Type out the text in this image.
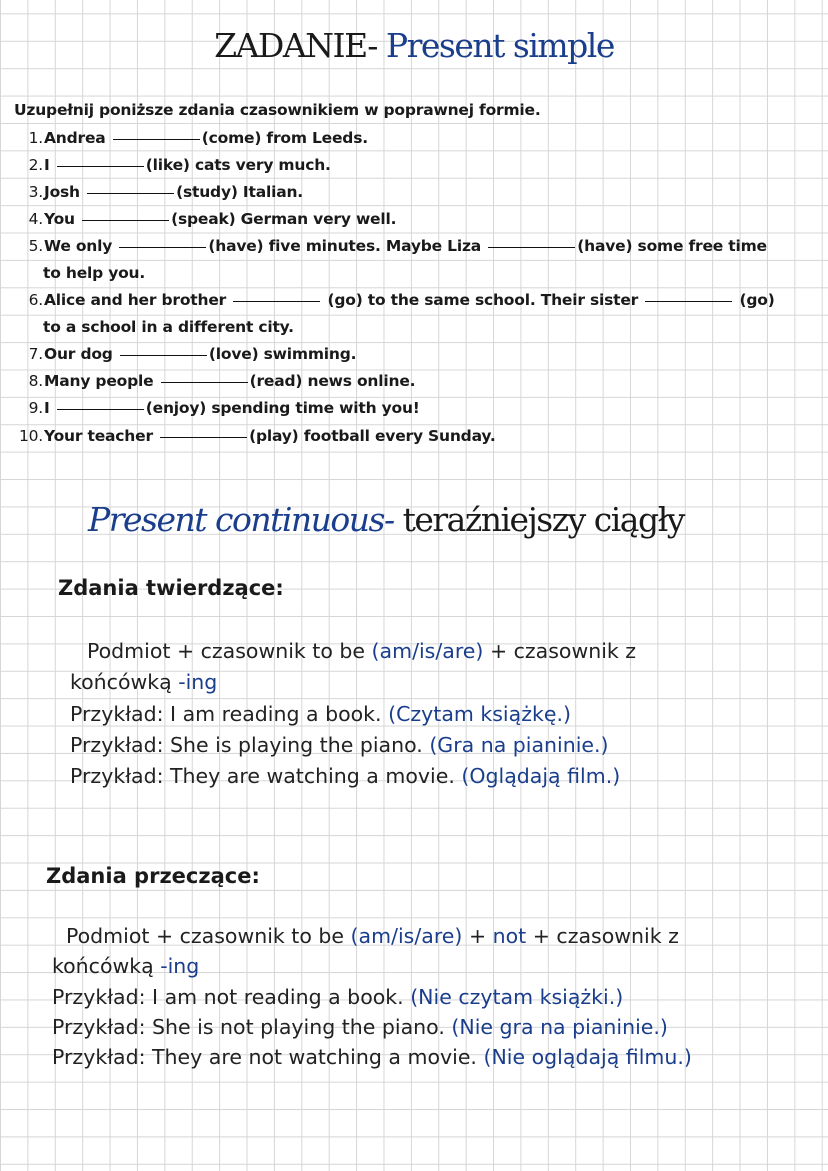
ZADANIE- Present simple
Uzupełnij poniższe zdania czasownikiem w poprawnej formie.
1.Andrea	(come) from Leeds.
2.I	(like) cats very much.
3.Josh	(study) Italian.
4.You	(speak) German very well.
5.We only	(have) five minutes. Maybe Liza	(have) some free time
to help you.
6.Alice and her brother	(go) to the same school. Their sister	(go)
to a school in a different city.
7.Our dog	(love) swimming.
8.Many people	(read) news online.
9.I	(enjoy) spending time with you!
10.Your teacher	(play) football every Sunday.
Present continuous- teraźniejszy ciągły
Zdania twierdzące:
Podmiot + czasownik to be (am/is/are) + czasownik z
końcówką -ing
Przykład: I am reading a book. (Czytam książkę.)
Przykład: She is playing the piano. (Gra na pianinie.)
Przykład: They are watching a movie. (Oglądają film.)
Zdania przeczące:
Podmiot + czasownik to be (am/is/are) + not + czasownik z
końcówką -ing
Przykład: I am not reading a book. (Nie czytam książki.)
Przykład: She is not playing the piano. (Nie gra na pianinie.)
Przykład: They are not watching a movie. (Nie oglądają filmu.)
